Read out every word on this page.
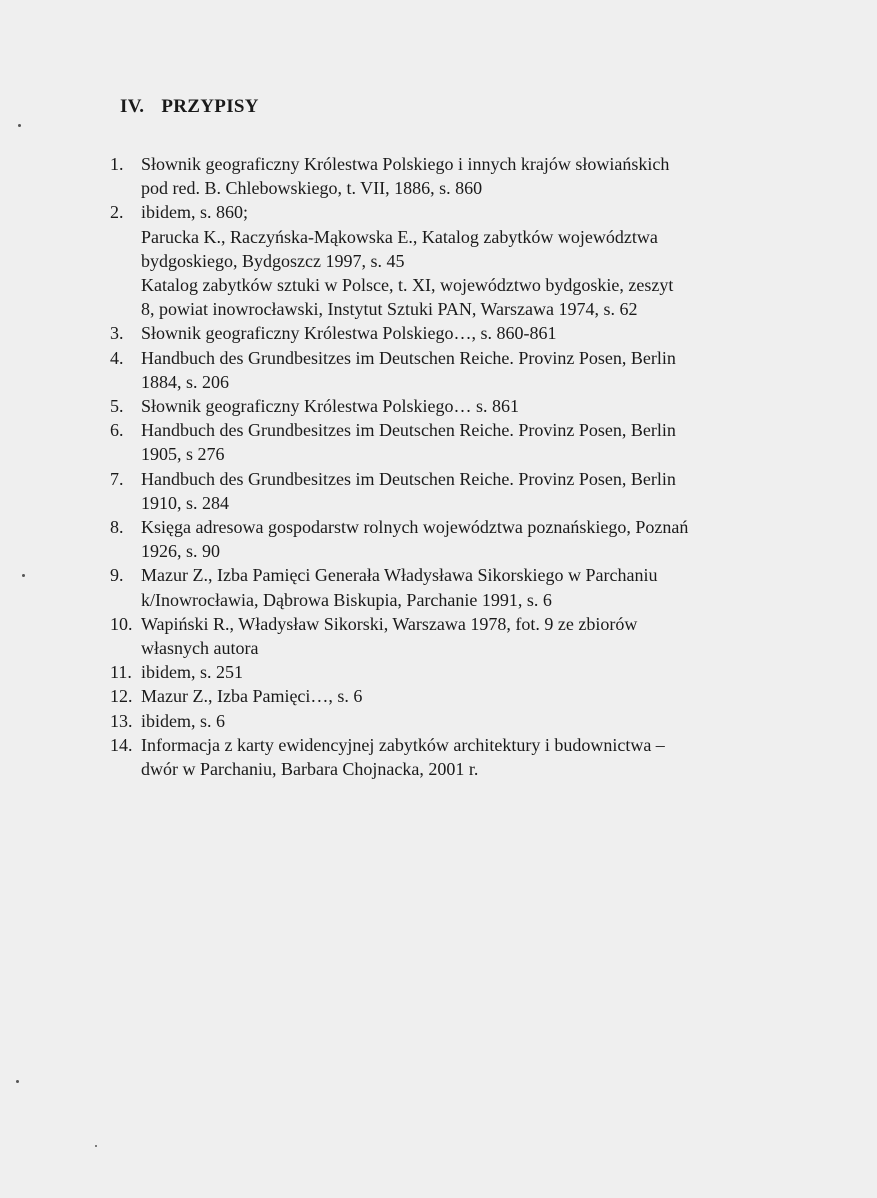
IV. PRZYPISY
1. Słownik geograficzny Królestwa Polskiego i innych krajów słowiańskich
pod red. B. Chlebowskiego, t. VII, 1886, s. 860
2. ibidem, s. 860;
Parucka K., Raczyńska-Mąkowska E., Katalog zabytków województwa
bydgoskiego, Bydgoszcz 1997, s. 45
Katalog zabytków sztuki w Polsce, t. XI, województwo bydgoskie, zeszyt
8, powiat inowrocławski, Instytut Sztuki PAN, Warszawa 1974, s. 62
3. Słownik geograficzny Królestwa Polskiego…, s. 860-861
4. Handbuch des Grundbesitzes im Deutschen Reiche. Provinz Posen, Berlin
1884, s. 206
5. Słownik geograficzny Królestwa Polskiego… s. 861
6. Handbuch des Grundbesitzes im Deutschen Reiche. Provinz Posen, Berlin
1905, s 276
7. Handbuch des Grundbesitzes im Deutschen Reiche. Provinz Posen, Berlin
1910, s. 284
8. Księga adresowa gospodarstw rolnych województwa poznańskiego, Poznań
1926, s. 90
9. Mazur Z., Izba Pamięci Generała Władysława Sikorskiego w Parchaniu
k/Inowrocławia, Dąbrowa Biskupia, Parchanie 1991, s. 6
10. Wapiński R., Władysław Sikorski, Warszawa 1978, fot. 9 ze zbiorów
własnych autora
11. ibidem, s. 251
12. Mazur Z., Izba Pamięci…, s. 6
13. ibidem, s. 6
14. Informacja z karty ewidencyjnej zabytków architektury i budownictwa –
dwór w Parchaniu, Barbara Chojnacka, 2001 r.
